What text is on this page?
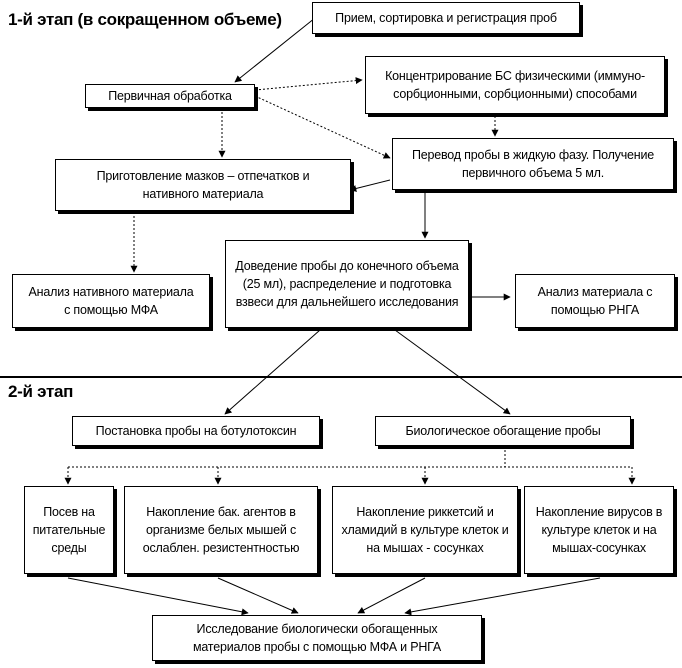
1-й этап (в сокращенном объеме)	Прием, сортировка и регистрация проб
Первичная обработка
Концентрирование БС физическими (иммуно-сорбционными, сорбционными) способами
Перевод пробы в жидкую фазу. Получение первичного объема 5 мл.
Приготовление мазков – отпечатков и нативного материала
Доведение пробы до конечного объема (25 мл), распределение и подготовка взвеси для дальнейшего исследования
Анализ нативного материала с помощью МФА
Анализ материала с помощью РНГА
2-й этап
Постановка пробы на ботулотоксин	Биологическое обогащение пробы
Посев на питательные среды
Накопление бак. агентов в организме белых мышей с ослаблен. резистентностью
Накопление риккетсий и хламидий в культуре клеток и на мышах - сосунках
Накопление вирусов в культуре клеток и на мышах-сосунках
Исследование биологически обогащенных материалов пробы с помощью МФА и РНГА
